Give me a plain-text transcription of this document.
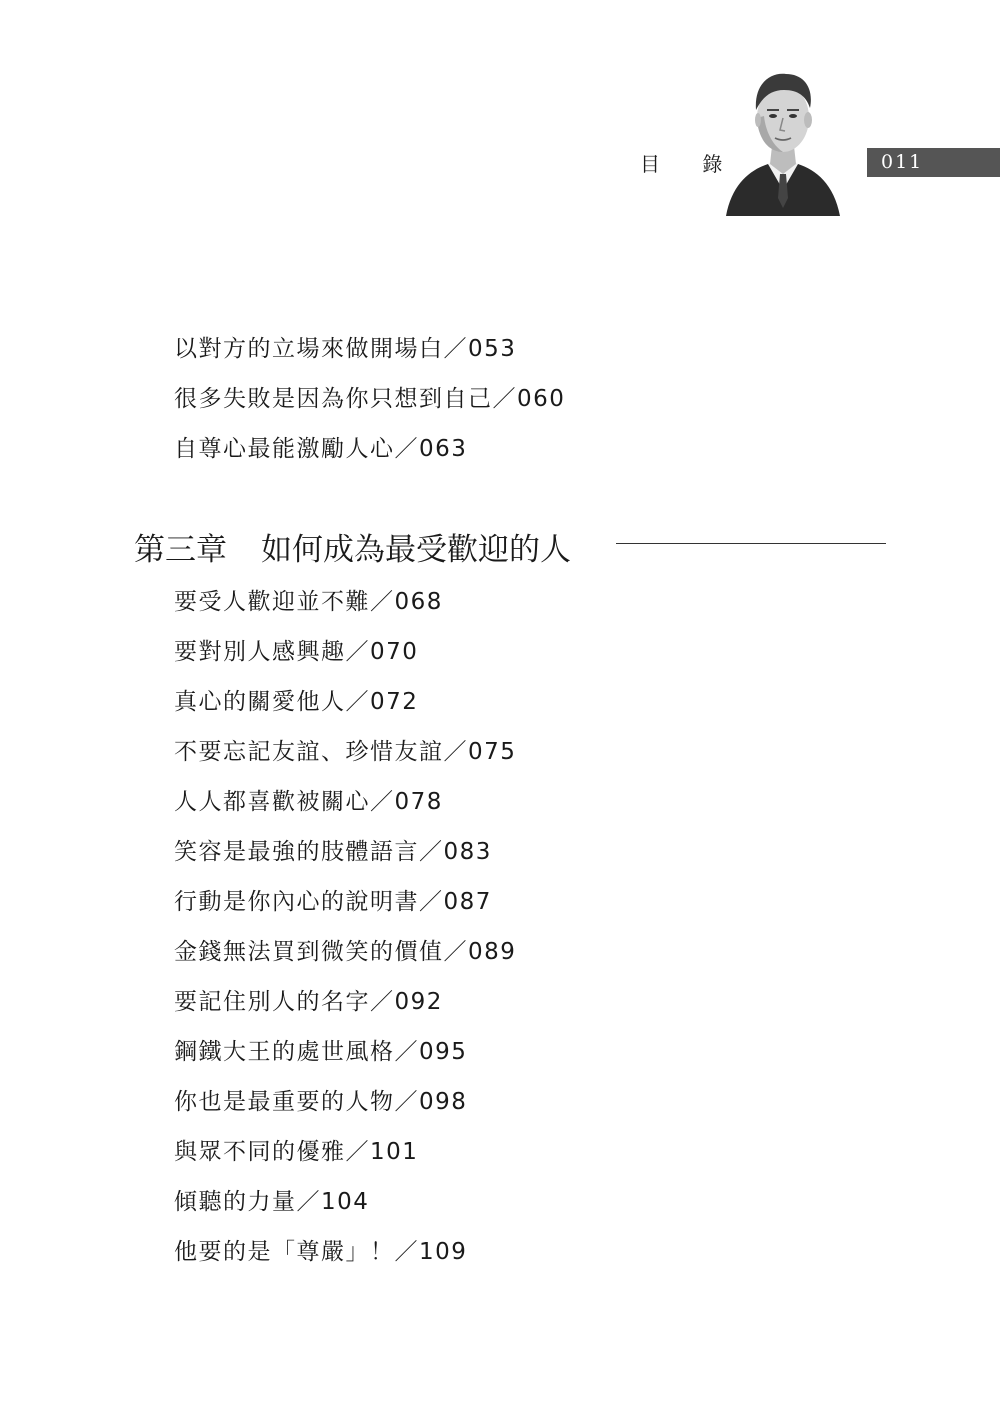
目 錄	011
以對方的立場來做開場白／053
很多失敗是因為你只想到自己／060
自尊心最能激勵人心／063
第三章 如何成為最受歡迎的人
要受人歡迎並不難／068
要對別人感興趣／070
真心的關愛他人／072
不要忘記友誼、珍惜友誼／075
人人都喜歡被關心／078
笑容是最強的肢體語言／083
行動是你內心的說明書／087
金錢無法買到微笑的價值／089
要記住別人的名字／092
鋼鐵大王的處世風格／095
你也是最重要的人物／098
與眾不同的優雅／101
傾聽的力量／104
他要的是「尊嚴」！／109
